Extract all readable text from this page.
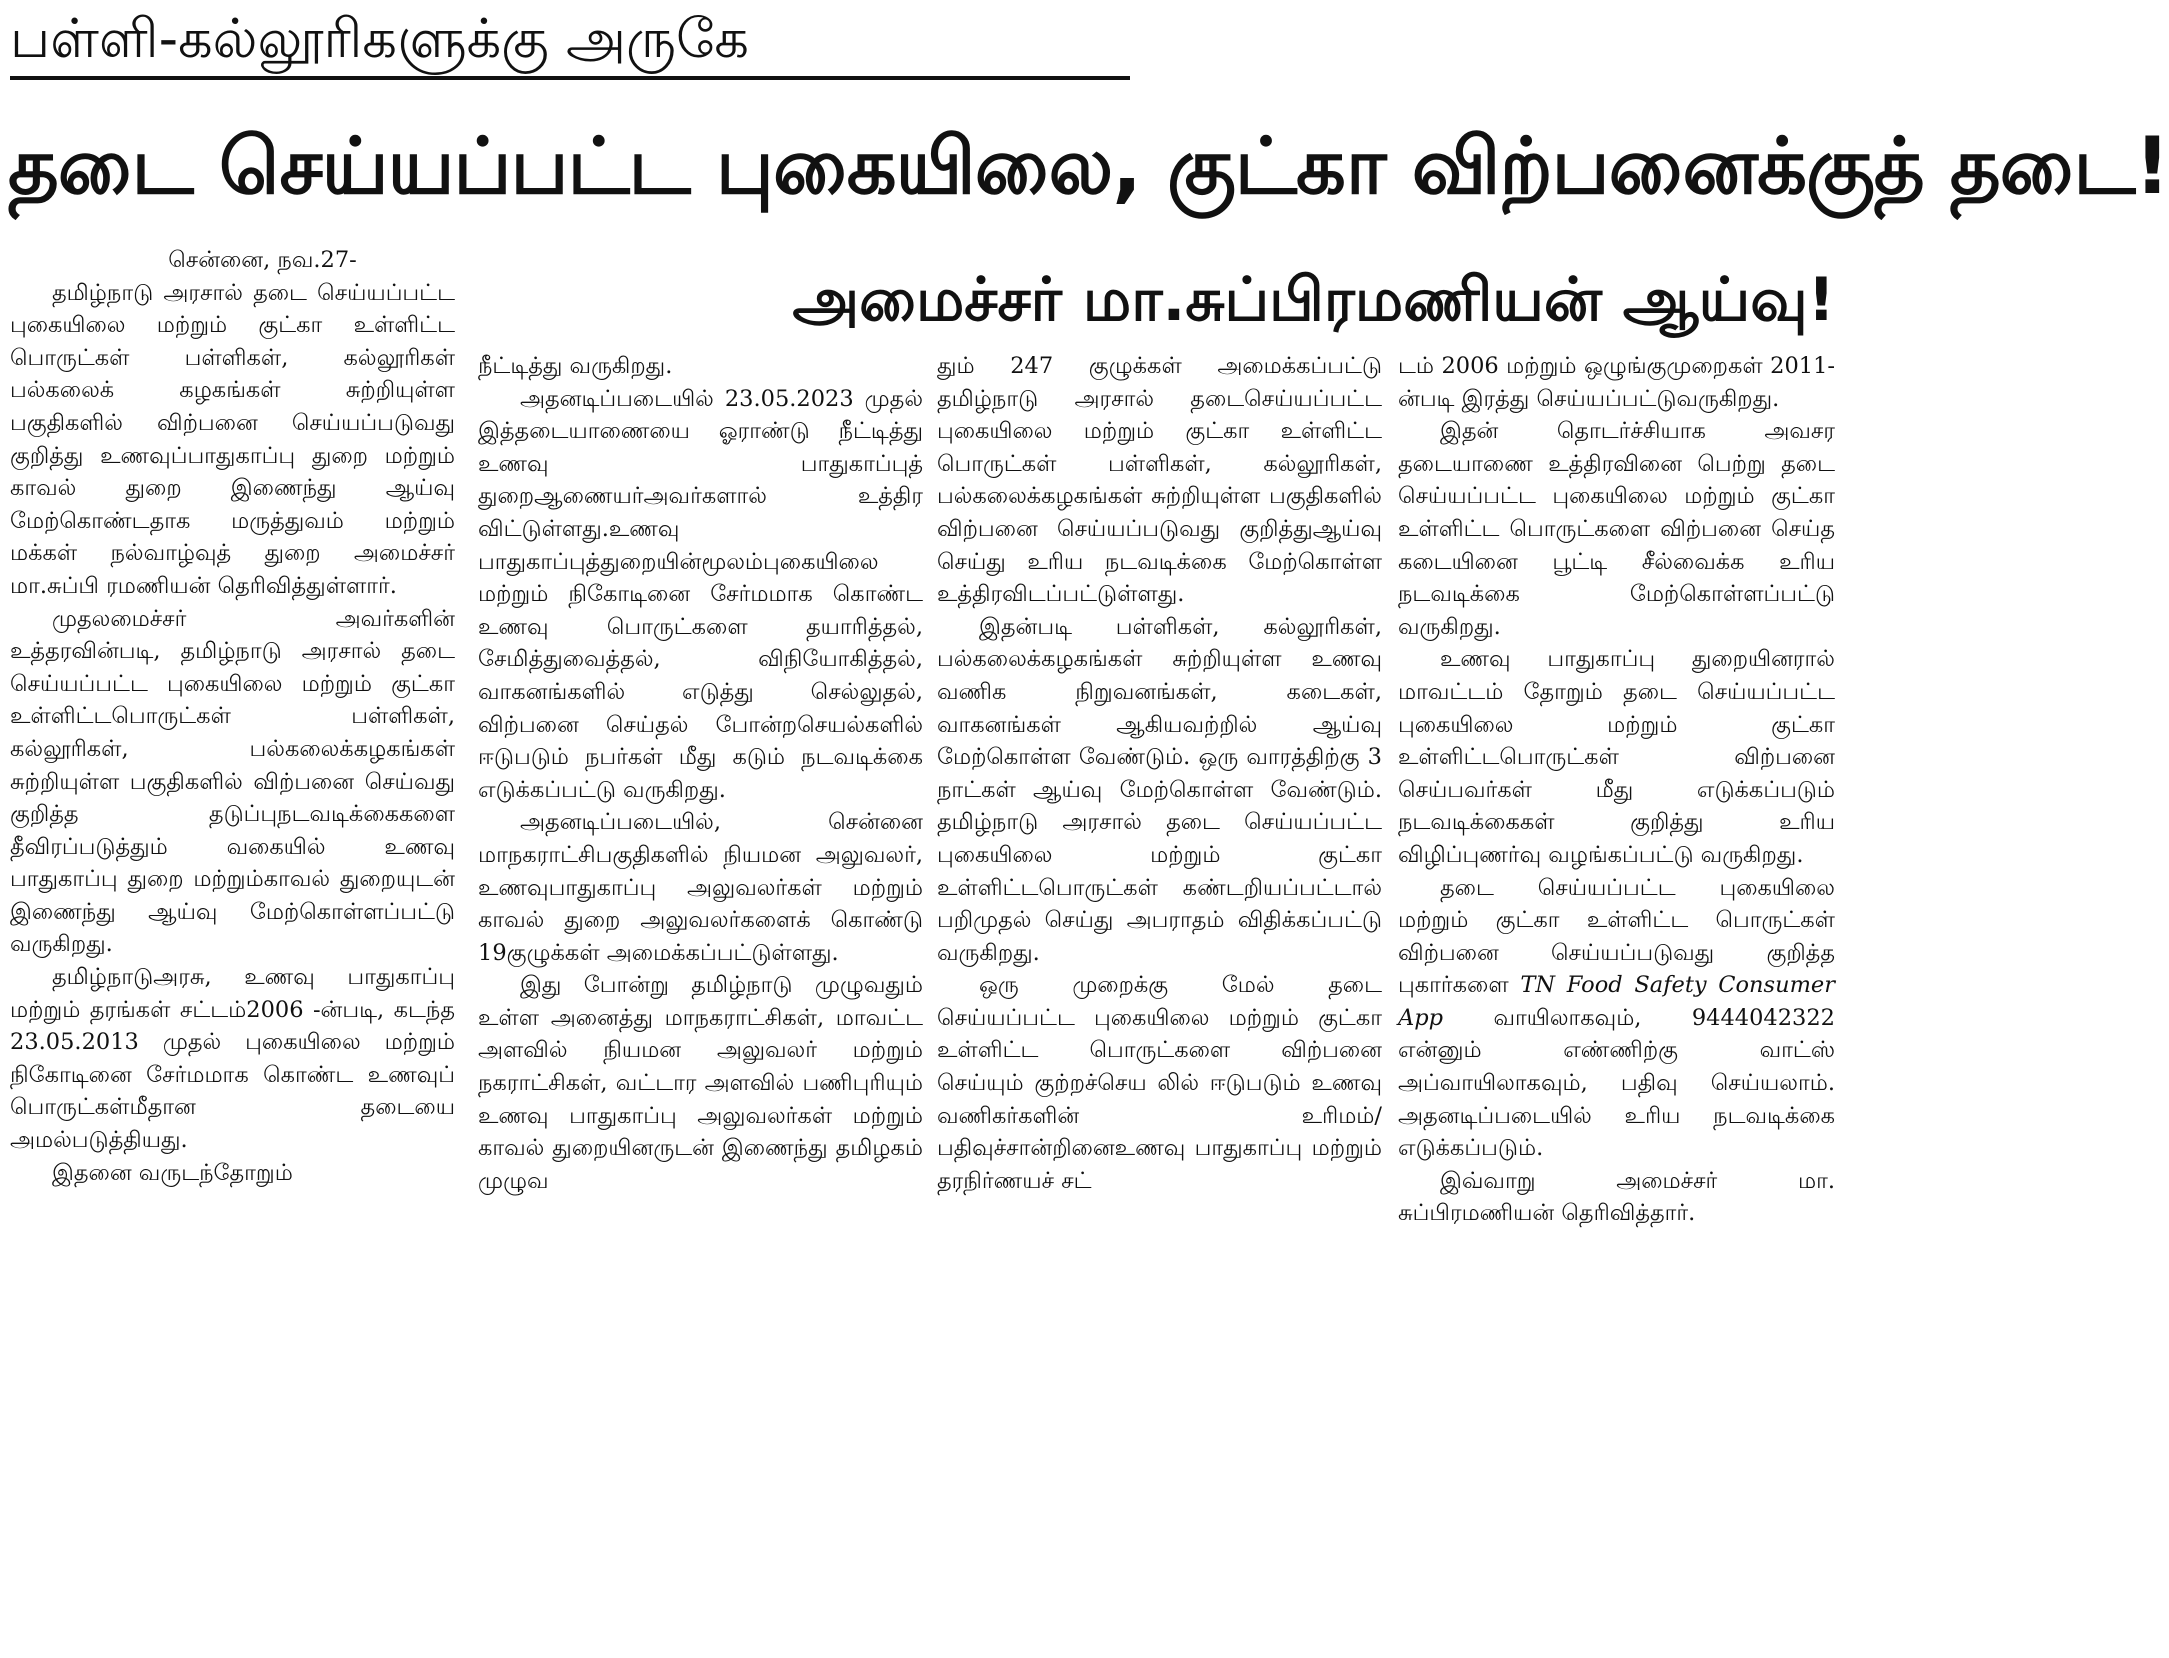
பள்ளி-கல்லூரிகளுக்கு அருகே
தடை செய்யப்பட்ட புகையிலை, குட்கா விற்பனைக்குத் தடை!
அமைச்சர் மா.சுப்பிரமணியன் ஆய்வு!

சென்னை, நவ.27-

தமிழ்நாடு அரசால் தடை செய்யப்பட்ட புகையிலை மற்றும் குட்கா உள்ளிட்ட பொருட்கள் பள்ளிகள், கல்லூரிகள் பல்கலைக் கழகங்கள் சுற்றியுள்ள பகுதிகளில் விற்பனை செய்யப்படுவது குறித்து உணவுப்பாதுகாப்பு துறை மற்றும் காவல் துறை இணைந்து ஆய்வு மேற்கொண்டதாக மருத்துவம் மற்றும் மக்கள் நல்வாழ்வுத் துறை அமைச்சர் மா.சுப்பி ரமணியன் தெரிவித்துள்ளார்.

முதலமைச்சர் அவர்களின் உத்தரவின்படி, தமிழ்நாடு அரசால் தடை செய்யப்பட்ட புகையிலை மற்றும் குட்கா உள்ளிட்டபொருட்கள் பள்ளிகள், கல்லூரிகள், பல்கலைக்கழகங்கள் சுற்றியுள்ள பகுதிகளில் விற்பனை செய்வது குறித்த தடுப்புநடவடிக்கைகளை தீவிரப்படுத்தும் வகையில் உணவு பாதுகாப்பு துறை மற்றும்காவல் துறையுடன் இணைந்து ஆய்வு மேற்கொள்ளப்பட்டு வருகிறது.

தமிழ்நாடுஅரசு, உணவு பாதுகாப்பு மற்றும் தரங்கள் சட்டம்2006 -ன்படி, கடந்த 23.05.2013 முதல் புகையிலை மற்றும் நிகோடினை சேர்மமாக கொண்ட உணவுப் பொருட்கள்மீதான தடையை அமல்படுத்தியது.

இதனை வருடந்தோறும்

நீட்டித்து வருகிறது.

அதனடிப்படையில் 23.05.2023 முதல் இத்தடையாணையை ஓராண்டு நீட்டித்து உணவு பாதுகாப்புத் துறைஆணையர்அவர்களால் உத்திர விட்டுள்ளது.உணவு பாதுகாப்புத்துறையின்மூலம்புகையிலை மற்றும் நிகோடினை சேர்மமாக கொண்ட உணவு பொருட்களை தயாரித்தல், சேமித்துவைத்தல், விநியோகித்தல், வாகனங்களில் எடுத்து செல்லுதல், விற்பனை செய்தல் போன்றசெயல்களில் ஈடுபடும் நபர்கள் மீது கடும் நடவடிக்கை எடுக்கப்பட்டு வருகிறது.

அதனடிப்படையில், சென்னை மாநகராட்சிபகுதிகளில் நியமன அலுவலர், உணவுபாதுகாப்பு அலுவலர்கள் மற்றும் காவல் துறை அலுவலர்களைக் கொண்டு 19குழுக்கள் அமைக்கப்பட்டுள்ளது.

இது போன்று தமிழ்நாடு முழுவதும் உள்ள அனைத்து மாநகராட்சிகள், மாவட்ட அளவில் நியமன அலுவலர் மற்றும் நகராட்சிகள், வட்டார அளவில் பணிபுரியும் உணவு பாதுகாப்பு அலுவலர்கள் மற்றும் காவல் துறையினருடன் இணைந்து தமிழகம் முழுவ

தும் 247 குழுக்கள் அமைக்கப்பட்டு தமிழ்நாடு அரசால் தடைசெய்யப்பட்ட புகையிலை மற்றும் குட்கா உள்ளிட்ட பொருட்கள் பள்ளிகள், கல்லூரிகள், பல்கலைக்கழகங்கள் சுற்றியுள்ள பகுதிகளில் விற்பனை செய்யப்படுவது குறித்துஆய்வு செய்து உரிய நடவடிக்கை மேற்கொள்ள உத்திரவிடப்பட்டுள்ளது.

இதன்படி பள்ளிகள், கல்லூரிகள், பல்கலைக்கழகங்கள் சுற்றியுள்ள உணவு வணிக நிறுவனங்கள், கடைகள், வாகனங்கள் ஆகியவற்றில் ஆய்வு மேற்கொள்ள வேண்டும். ஒரு வாரத்திற்கு 3 நாட்கள் ஆய்வு மேற்கொள்ள வேண்டும். தமிழ்நாடு அரசால் தடை செய்யப்பட்ட புகையிலை மற்றும் குட்கா உள்ளிட்டபொருட்கள் கண்டறியப்பட்டால் பறிமுதல் செய்து அபராதம் விதிக்கப்பட்டு வருகிறது.

ஒரு முறைக்கு மேல் தடை செய்யப்பட்ட புகையிலை மற்றும் குட்கா உள்ளிட்ட பொருட்களை விற்பனை செய்யும் குற்றச்செய லில் ஈடுபடும் உணவு வணிகர்களின் உரிமம்/ பதிவுச்சான்றினைஉணவு பாதுகாப்பு மற்றும் தரநிர்ணயச் சட்

டம் 2006 மற்றும் ஒழுங்குமுறைகள் 2011-ன்படி இரத்து செய்யப்பட்டுவருகிறது.

இதன் தொடர்ச்சியாக அவசர தடையாணை உத்திரவினை பெற்று தடை செய்யப்பட்ட புகையிலை மற்றும் குட்கா உள்ளிட்ட பொருட்களை விற்பனை செய்த கடையினை பூட்டி சீல்வைக்க உரிய நடவடிக்கை மேற்கொள்ளப்பட்டு வருகிறது.

உணவு பாதுகாப்பு துறையினரால் மாவட்டம் தோறும் தடை செய்யப்பட்ட புகையிலை மற்றும் குட்கா உள்ளிட்டபொருட்கள் விற்பனை செய்பவர்கள் மீது எடுக்கப்படும் நடவடிக்கைகள் குறித்து உரிய விழிப்புணர்வு வழங்கப்பட்டு வருகிறது.

தடை செய்யப்பட்ட புகையிலை மற்றும் குட்கா உள்ளிட்ட பொருட்கள் விற்பனை செய்யப்படுவது குறித்த புகார்களை TN Food Safety Consumer App வாயிலாகவும், 9444042322 என்னும் எண்ணிற்கு வாட்ஸ் அப்வாயிலாகவும், பதிவு செய்யலாம். அதனடிப்படையில் உரிய நடவடிக்கை எடுக்கப்படும்.

இவ்வாறு அமைச்சர் மா. சுப்பிரமணியன் தெரிவித்தார்.
